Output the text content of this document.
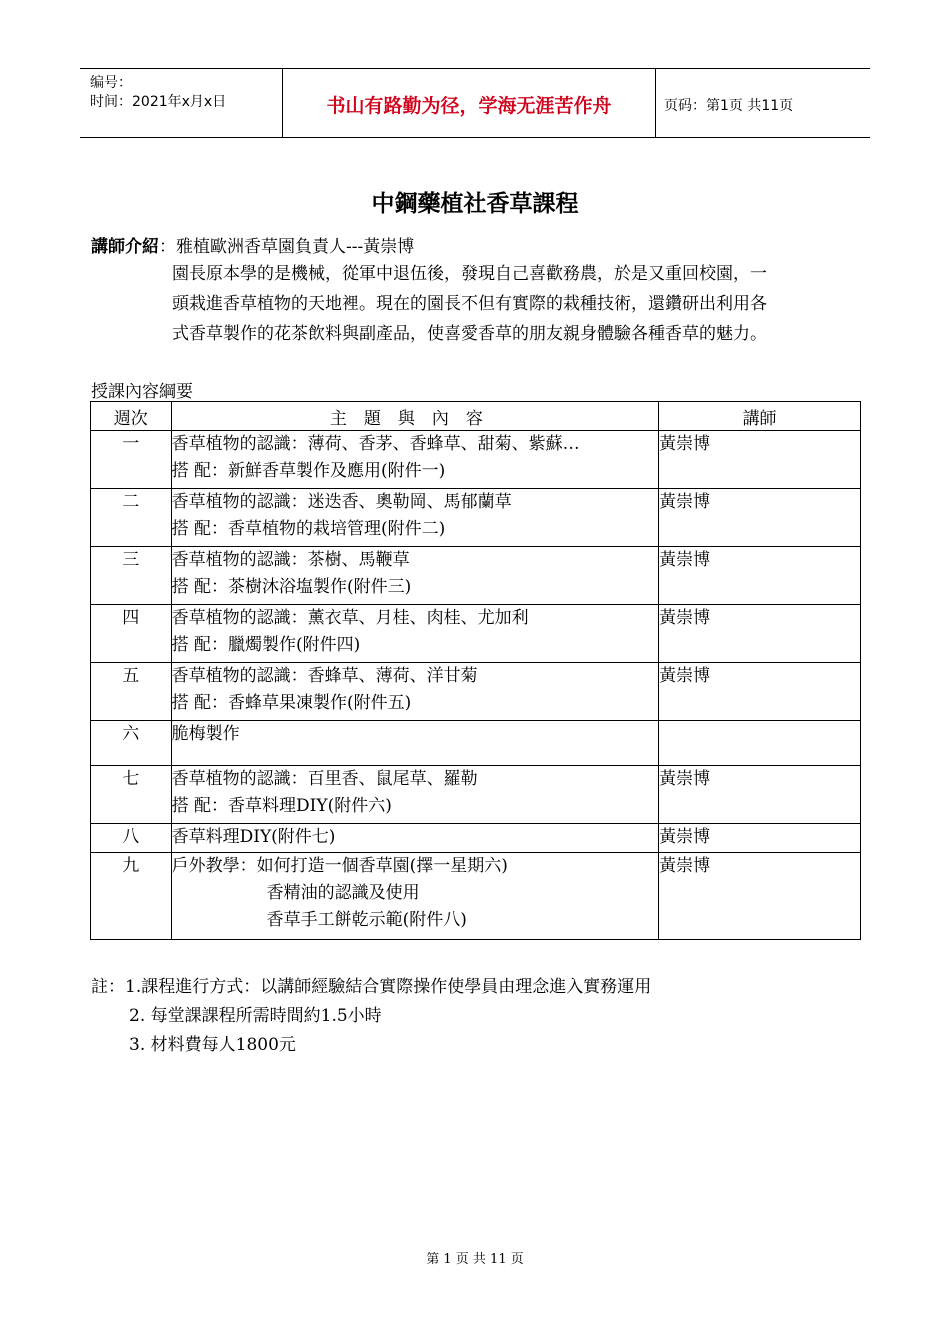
编号：
时间：2021年x月x日	书山有路勤为径，学海无涯苦作舟	页码：第1页 共11页
中鋼藥植社香草課程
講師介紹：雅植歐洲香草園負責人---黃崇博

園長原本學的是機械，從軍中退伍後，發現自己喜歡務農，於是又重回校園，一

頭栽進香草植物的天地裡。現在的園長不但有實際的栽種技術，還鑽研出利用各

式香草製作的花茶飲料與副產品，使喜愛香草的朋友親身體驗各種香草的魅力。

授課內容綱要
週次	主題與內容	講師
一	香草植物的認識：薄荷、香茅、香蜂草、甜菊、紫蘇…
搭 配：新鮮香草製作及應用(附件一)	黃崇博
二	香草植物的認識：迷迭香、奧勒岡、馬郁蘭草
搭 配：香草植物的栽培管理(附件二)	黃崇博
三	香草植物的認識：茶樹、馬鞭草
搭 配：茶樹沐浴塩製作(附件三)	黃崇博
四	香草植物的認識：薰衣草、月桂、肉桂、尤加利
搭 配：臘燭製作(附件四)	黃崇博
五	香草植物的認識：香蜂草、薄荷、洋甘菊
搭 配：香蜂草果凍製作(附件五)	黃崇博
六	脆梅製作	

七	香草植物的認識：百里香、鼠尾草、羅勒
搭 配：香草料理DIY(附件六)	黃崇博
八	香草料理DIY(附件七)	黃崇博
九	戶外教學：如何打造一個香草園(擇一星期六)
香精油的認識及使用
香草手工餅乾示範(附件八)	黃崇博
註：1.課程進行方式：以講師經驗結合實際操作使學員由理念進入實務運用
2. 每堂課課程所需時間約1.5小時
3. 材料費每人1800元
第 1 页 共 11 页
